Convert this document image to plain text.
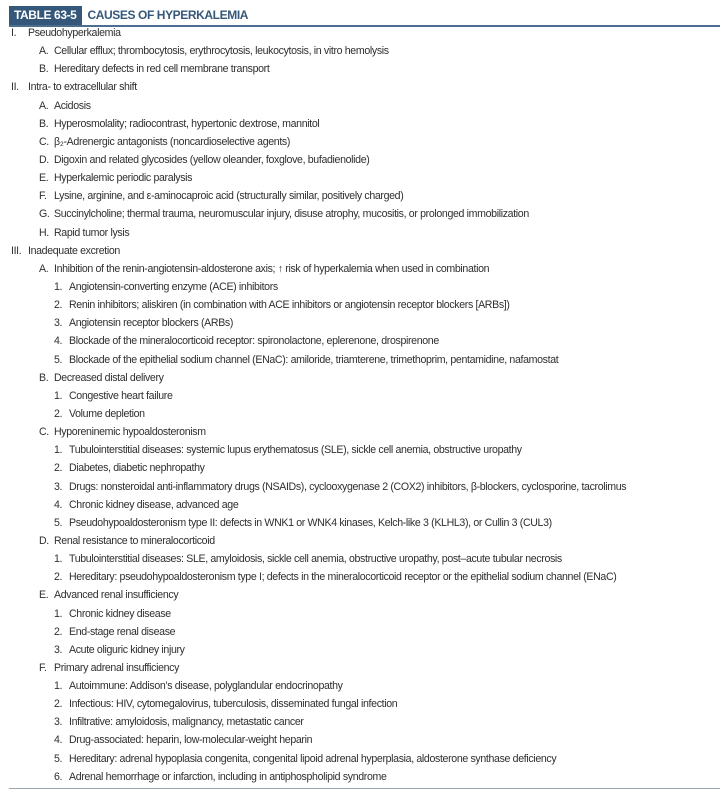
TABLE 63-5 CAUSES OF HYPERKALEMIA
I. Pseudohyperkalemia
A. Cellular efflux; thrombocytosis, erythrocytosis, leukocytosis, in vitro hemolysis
B. Hereditary defects in red cell membrane transport
II. Intra- to extracellular shift
A. Acidosis
B. Hyperosmolality; radiocontrast, hypertonic dextrose, mannitol
C. β₂-Adrenergic antagonists (noncardioselective agents)
D. Digoxin and related glycosides (yellow oleander, foxglove, bufadienolide)
E. Hyperkalemic periodic paralysis
F. Lysine, arginine, and ε-aminocaproic acid (structurally similar, positively charged)
G. Succinylcholine; thermal trauma, neuromuscular injury, disuse atrophy, mucositis, or prolonged immobilization
H. Rapid tumor lysis
III. Inadequate excretion
A. Inhibition of the renin-angiotensin-aldosterone axis; ↑ risk of hyperkalemia when used in combination
1. Angiotensin-converting enzyme (ACE) inhibitors
2. Renin inhibitors; aliskiren (in combination with ACE inhibitors or angiotensin receptor blockers [ARBs])
3. Angiotensin receptor blockers (ARBs)
4. Blockade of the mineralocorticoid receptor: spironolactone, eplerenone, drospirenone
5. Blockade of the epithelial sodium channel (ENaC): amiloride, triamterene, trimethoprim, pentamidine, nafamostat
B. Decreased distal delivery
1. Congestive heart failure
2. Volume depletion
C. Hyporeninemic hypoaldosteronism
1. Tubulointerstitial diseases: systemic lupus erythematosus (SLE), sickle cell anemia, obstructive uropathy
2. Diabetes, diabetic nephropathy
3. Drugs: nonsteroidal anti-inflammatory drugs (NSAIDs), cyclooxygenase 2 (COX2) inhibitors, β-blockers, cyclosporine, tacrolimus
4. Chronic kidney disease, advanced age
5. Pseudohypoaldosteronism type II: defects in WNK1 or WNK4 kinases, Kelch-like 3 (KLHL3), or Cullin 3 (CUL3)
D. Renal resistance to mineralocorticoid
1. Tubulointerstitial diseases: SLE, amyloidosis, sickle cell anemia, obstructive uropathy, post–acute tubular necrosis
2. Hereditary: pseudohypoaldosteronism type I; defects in the mineralocorticoid receptor or the epithelial sodium channel (ENaC)
E. Advanced renal insufficiency
1. Chronic kidney disease
2. End-stage renal disease
3. Acute oliguric kidney injury
F. Primary adrenal insufficiency
1. Autoimmune: Addison’s disease, polyglandular endocrinopathy
2. Infectious: HIV, cytomegalovirus, tuberculosis, disseminated fungal infection
3. Infiltrative: amyloidosis, malignancy, metastatic cancer
4. Drug-associated: heparin, low-molecular-weight heparin
5. Hereditary: adrenal hypoplasia congenita, congenital lipoid adrenal hyperplasia, aldosterone synthase deficiency
6. Adrenal hemorrhage or infarction, including in antiphospholipid syndrome
